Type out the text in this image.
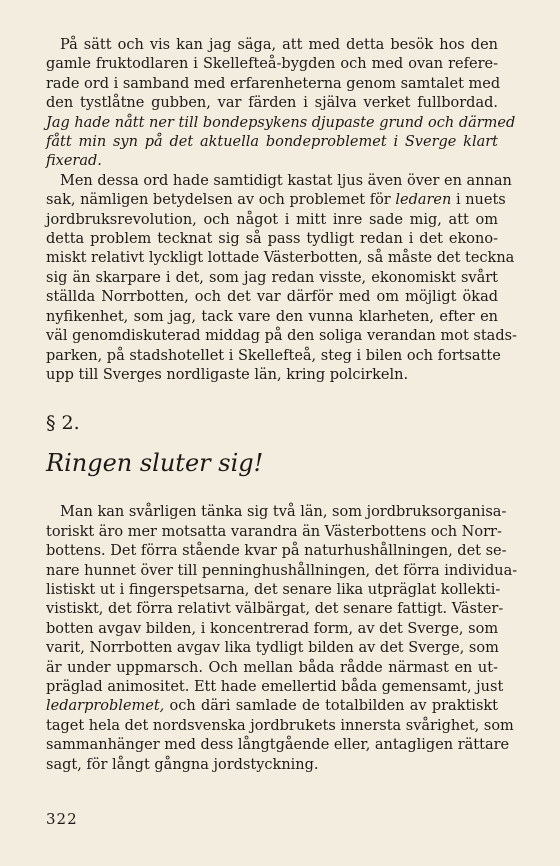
På sätt och vis kan jag säga, att med detta besök hos den
gamle fruktodlaren i Skellefteå-bygden och med ovan refere-
rade ord i samband med erfarenheterna genom samtalet med
den tystlåtne gubben, var färden i själva verket fullbordad.
Jag hade nått ner till bondepsykens djupaste grund och därmed
fått min syn på det aktuella bondeproblemet i Sverge klart
fixerad.

Men dessa ord hade samtidigt kastat ljus även över en annan
sak, nämligen betydelsen av och problemet för ledaren i nuets
jordbruksrevolution, och något i mitt inre sade mig, att om
detta problem tecknat sig så pass tydligt redan i det ekono-
miskt relativt lyckligt lottade Västerbotten, så måste det teckna
sig än skarpare i det, som jag redan visste, ekonomiskt svårt
ställda Norrbotten, och det var därför med om möjligt ökad
nyfikenhet, som jag, tack vare den vunna klarheten, efter en
väl genomdiskuterad middag på den soliga verandan mot stads-
parken, på stadshotellet i Skellefteå, steg i bilen och fortsatte
upp till Sverges nordligaste län, kring polcirkeln.

§ 2.
Ringen sluter sig!

Man kan svårligen tänka sig två län, som jordbruksorganisa-
toriskt äro mer motsatta varandra än Västerbottens och Norr-
bottens. Det förra stående kvar på naturhushållningen, det se-
nare hunnet över till penninghushållningen, det förra individua-
listiskt ut i fingerspetsarna, det senare lika utpräglat kollekti-
vistiskt, det förra relativt välbärgat, det senare fattigt. Väster-
botten avgav bilden, i koncentrerad form, av det Sverge, som
varit, Norrbotten avgav lika tydligt bilden av det Sverge, som
är under uppmarsch. Och mellan båda rådde närmast en ut-
präglad animositet. Ett hade emellertid båda gemensamt, just
ledarproblemet, och däri samlade de totalbilden av praktiskt
taget hela det nordsvenska jordbrukets innersta svårighet, som
sammanhänger med dess långtgående eller, antagligen rättare
sagt, för långt gångna jordstyckning.

322
